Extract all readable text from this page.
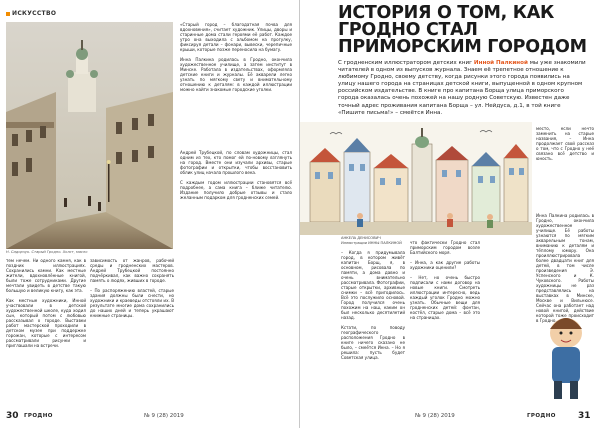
ИСКУССТВО
Н. Сидорчук. Старый Гродно. Холст, масло
тем нечем. Ни одного камня, как в поздних иллюстрациях. Сохранились камни. Как местные жители, вдохновлённые книгой, были тоже сотрудниками. Другие мечтали увидеть в детстве такую большую и великую книгу, как эта.

Как местные художники, Инной участвовали в детской художественной школе, куда ходил сын, который потом с любовью рассказывал о городе. Выставки работ мастерской проходили в детском музее при поддержке горожан, которые с интересом рассматривали рисунки и приглашали на встречи.
зависимость от жанров, рабочей среды и гродненских мастеров. Андрей Трубецкой постоянно подчёркивал, как важно сохранять память о людях, живших в городе.

– По распоряжению властей, старые здания должны были снести, но художники и краеведы отстояли их. В результате многие дома сохранились до наших дней и теперь украшают книжные страницы.
«Старый город – благодатная почва для вдохновения», считает художник. Улицы, дворы и старинные дома стали героями её работ. Каждое утро она выходила с альбомом на прогулку, фиксируя детали – фонари, вывески, черепичные крыши, которые позже переносила на бумагу.

Инна Палкина родилась в Гродно, окончила художественное училище, а затем институт в Минске. Работала в издательствах, оформляла детские книги и журналы. Её акварели легко узнать по мягкому свету и внимательному отношению к деталям: в каждой иллюстрации можно найти знакомые городские уголки.
Андрей Трубецкой, по словам художницы, стал одним из тех, кто помог ей по-новому взглянуть на город. Вместе они изучали архивы, старые фотографии и открытки, чтобы восстановить облик улиц начала прошлого века.

С каждым годом иллюстрации становятся всё подробнее, а сама книга – ближе читателю. Издание получило добрые отзывы и стало желанным подарком для гродненских семей.
30 ГРОДНО	№ 9 (28) 2019
ИСТОРИЯ О ТОМ, КАК ГРОДНО СТАЛ ПРИМОРСКИМ ГОРОДОМ
С гродненским иллюстратором детских книг Инной Палкиной мы уже знакомили читателей в одном из выпусков журнала. Знаем её трепетное отношение к любимому Гродно, своему детству, когда рисунки этого города появились на улицу нашего города на страницах детской книги, выпущенной в одном крупном российском издательстве. В книге про капитана Борща улица приморского города оказалась очень похожей на нашу родную Советскую. Известен даже точный адрес проживания капитана Борща – ул. Нейдуса, д.1, в той книге «Пишите письма!» – смеётся Инна.
АНКЕЛА ДЕНИСОВИЧ
Иллюстрации ИННЫ ПАЛКИНОЙ
– Когда я придумывала город, в котором живёт капитан Борщ, я, в основном, рисовала по памяти, а дома давно и очень внимательно рассматривала. Фотографии, старые открытки, архивные снимки – всё пригодилось. Всё это послужило основой. Город получился очень похожим на наш, каким он был несколько десятилетий назад.

Кстати, по поводу географического расположения Гродно в книге ничего сказано не было, – смеётся Инна. – Но я решила: пусть будет Советская улица.
что фактически Гродно стал приморским городом возле Балтийского моря.

– Инна, а как другие работы художники оценили?

– Нет, но очень быстро подписали с нами договор на новые книги. Смотреть иллюстрации интересно, ведь каждый уголок Гродно можно узнать. Обычные вещи для гродненских детей: фонтан, костёл, старые дома – всё это на страницах.
место, если нечто заменить на старые названия, – Инна продолжает свой рассказ о том, что с Гродно у неё связано всё детство и юность.
Инна Палкина родилась в Гродно, окончила художественное училище. Её работы узнаются по мягким акварельным тонам, вниманию к деталям и тёплому юмору. Она проиллюстрировала более двадцати книг для детей, в том числе произведения Э. Успенского и К. Чуковского. Работы художницы не раз представлялись на выставках в Минске, Москве и Вильнюсе. Сейчас она работает над новой книгой, действие которой тоже происходит в Гродно.
№ 9 (28) 2019	ГРОДНО 31
